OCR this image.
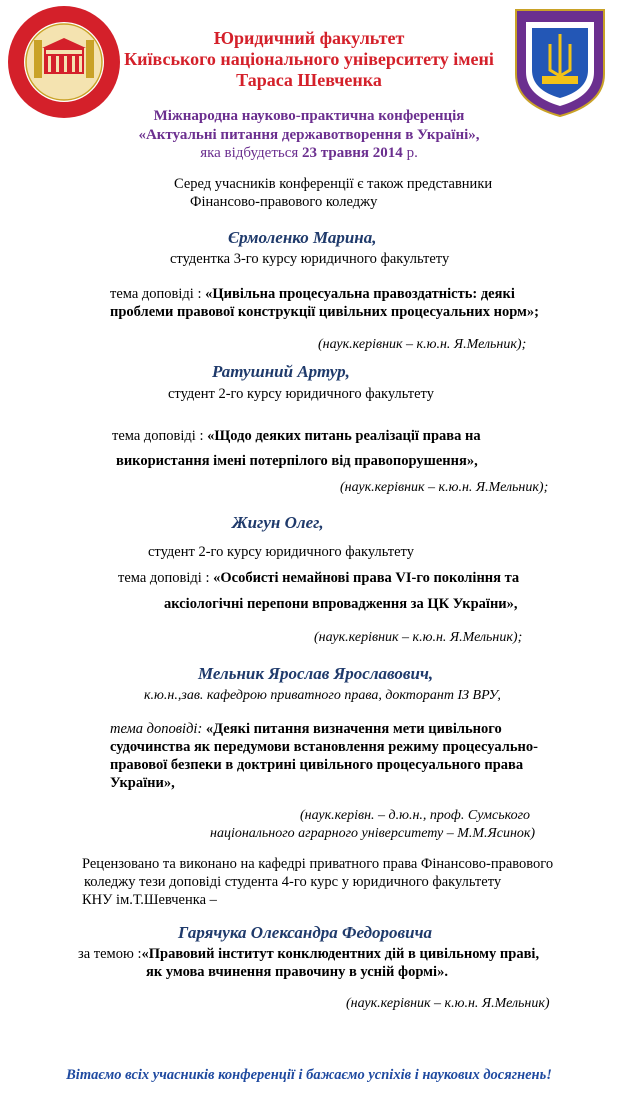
Юридичний факультет
Київського національного університету імені
Тараса Шевченка
Міжнародна науково-практична конференція
«Актуальні питання державотворення в Україні»,
яка відбудеться 23 травня 2014 р.
Серед учасників конференції є також представники
Фінансово-правового коледжу
Єрмоленко Марина,
студентка 3-го курсу юридичного факультету
тема доповіді : «Цивільна процесуальна правоздатність: деякі
проблеми правової конструкції цивільних процесуальних норм»;
(наук.керівник – к.ю.н. Я.Мельник);
Ратушний Артур,
студент 2-го курсу юридичного факультету
тема доповіді : «Щодо деяких питань реалізації права на
використання імені потерпілого від правопорушення»,
(наук.керівник – к.ю.н. Я.Мельник);
Жигун Олег,
студент 2-го курсу юридичного факультету
тема доповіді : «Особисті немайнові права VI-го покоління та
аксіологічні перепони впровадження за ЦК України»,
(наук.керівник – к.ю.н. Я.Мельник);
Мельник Ярослав Ярославович,
к.ю.н.,зав. кафедрою приватного права, докторант ІЗ ВРУ,
тема доповіді: «Деякі питання визначення мети цивільного
судочинства як передумови встановлення режиму процесуально-
правової безпеки в доктрині цивільного процесуального права
України»,
(наук.керівн. – д.ю.н., проф. Сумського
національного аграрного університету – М.М.Ясинок)
Рецензовано та виконано на кафедрі приватного права Фінансово-правового
коледжу тези доповіді студента 4-го курс у юридичного факультету
КНУ ім.Т.Шевченка –
Гарячука Олександра Федоровича
за темою :«Правовий інститут конклюдентних дій в цивільному праві,
як умова вчинення правочину в усній формі».
(наук.керівник – к.ю.н. Я.Мельник)
Вітаємо всіх учасників конференції і бажаємо успіхів і наукових досягнень!
